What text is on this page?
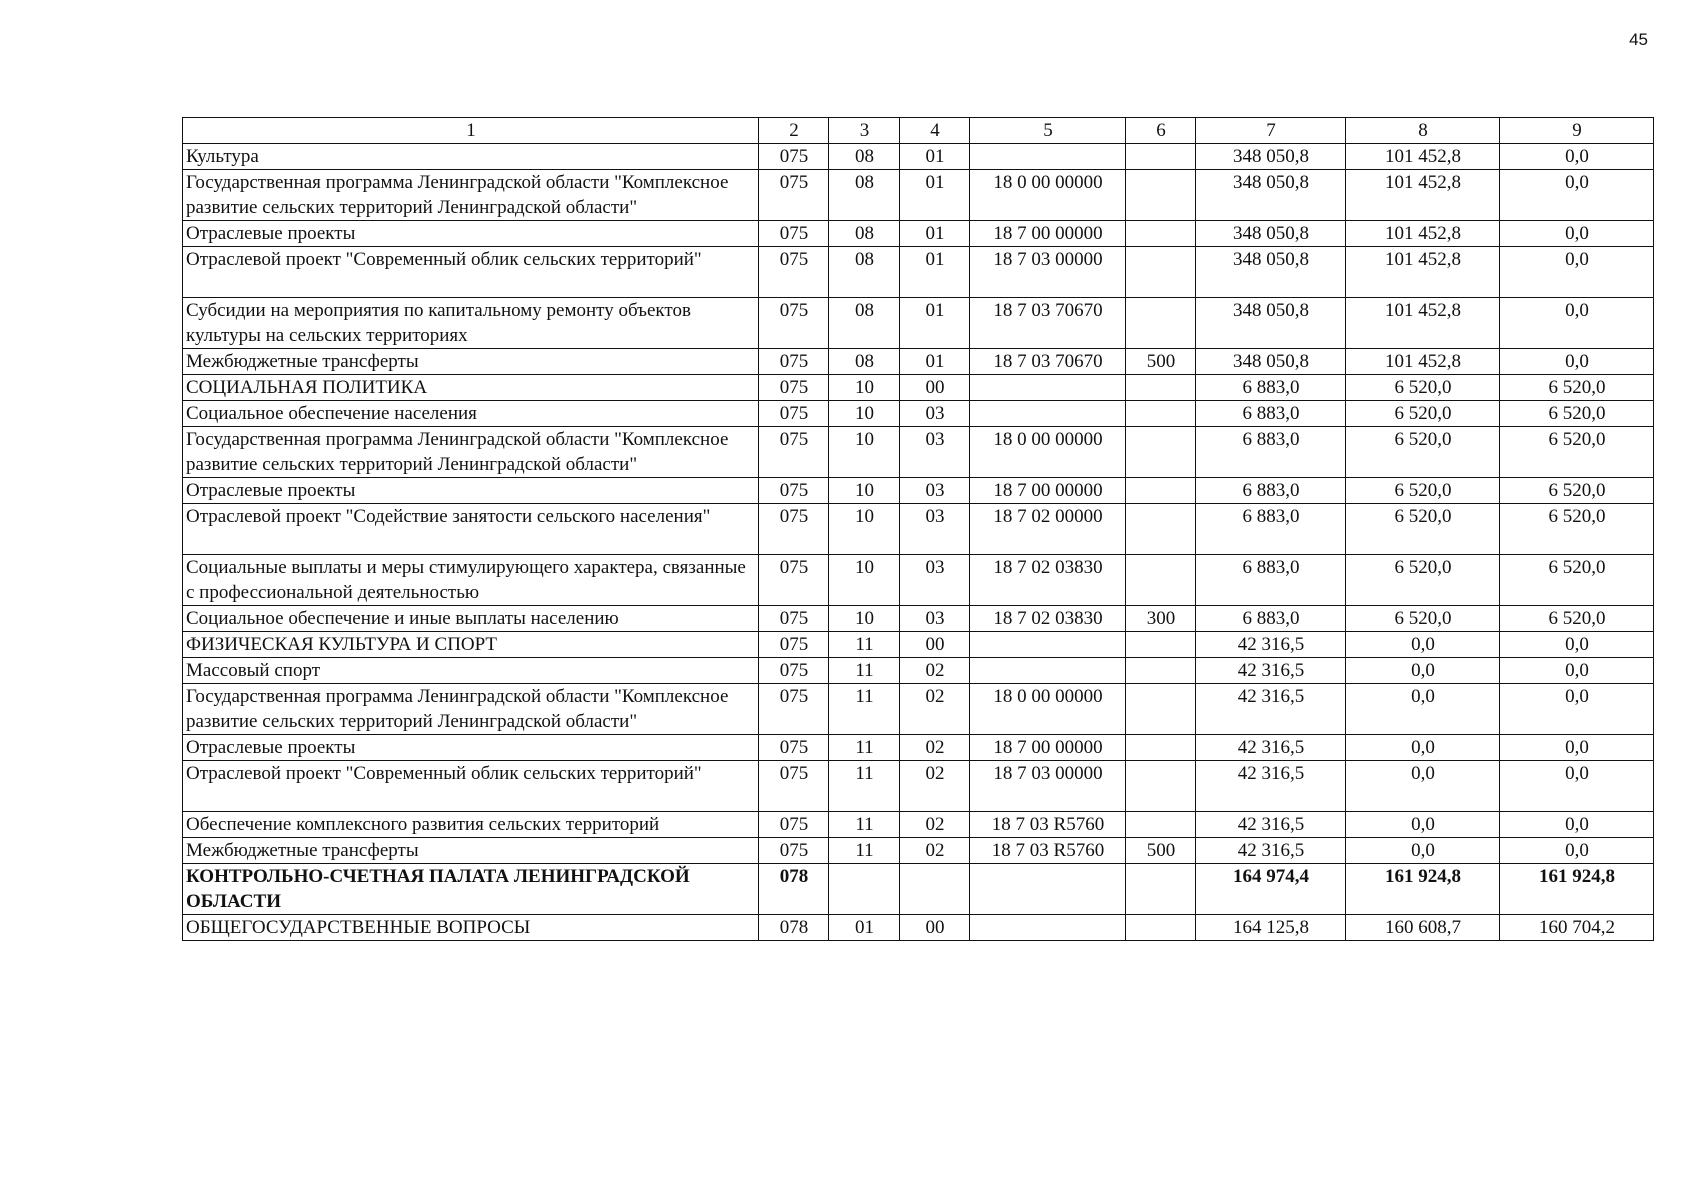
45
1	2	3	4	5	6	7	8	9
Культура	075	08	01			348 050,8	101 452,8	0,0
Государственная программа Ленинградской области "Комплексное развитие сельских территорий Ленинградской области"	075	08	01	18 0 00 00000		348 050,8	101 452,8	0,0
Отраслевые проекты	075	08	01	18 7 00 00000		348 050,8	101 452,8	0,0
Отраслевой проект "Современный облик сельских территорий"	075	08	01	18 7 03 00000		348 050,8	101 452,8	0,0
Субсидии на мероприятия по капитальному ремонту объектов культуры на сельских территориях	075	08	01	18 7 03 70670		348 050,8	101 452,8	0,0
Межбюджетные трансферты	075	08	01	18 7 03 70670	500	348 050,8	101 452,8	0,0
СОЦИАЛЬНАЯ ПОЛИТИКА	075	10	00			6 883,0	6 520,0	6 520,0
Социальное обеспечение населения	075	10	03			6 883,0	6 520,0	6 520,0
Государственная программа Ленинградской области "Комплексное развитие сельских территорий Ленинградской области"	075	10	03	18 0 00 00000		6 883,0	6 520,0	6 520,0
Отраслевые проекты	075	10	03	18 7 00 00000		6 883,0	6 520,0	6 520,0
Отраслевой проект "Содействие занятости сельского населения"	075	10	03	18 7 02 00000		6 883,0	6 520,0	6 520,0
Социальные выплаты и меры стимулирующего характера, связанные с профессиональной деятельностью	075	10	03	18 7 02 03830		6 883,0	6 520,0	6 520,0
Социальное обеспечение и иные выплаты населению	075	10	03	18 7 02 03830	300	6 883,0	6 520,0	6 520,0
ФИЗИЧЕСКАЯ КУЛЬТУРА И СПОРТ	075	11	00			42 316,5	0,0	0,0
Массовый спорт	075	11	02			42 316,5	0,0	0,0
Государственная программа Ленинградской области "Комплексное развитие сельских территорий Ленинградской области"	075	11	02	18 0 00 00000		42 316,5	0,0	0,0
Отраслевые проекты	075	11	02	18 7 00 00000		42 316,5	0,0	0,0
Отраслевой проект "Современный облик сельских территорий"	075	11	02	18 7 03 00000		42 316,5	0,0	0,0
Обеспечение комплексного развития сельских территорий	075	11	02	18 7 03 R5760		42 316,5	0,0	0,0
Межбюджетные трансферты	075	11	02	18 7 03 R5760	500	42 316,5	0,0	0,0
КОНТРОЛЬНО-СЧЕТНАЯ ПАЛАТА ЛЕНИНГРАДСКОЙ ОБЛАСТИ	078					164 974,4	161 924,8	161 924,8
ОБЩЕГОСУДАРСТВЕННЫЕ ВОПРОСЫ	078	01	00			164 125,8	160 608,7	160 704,2
